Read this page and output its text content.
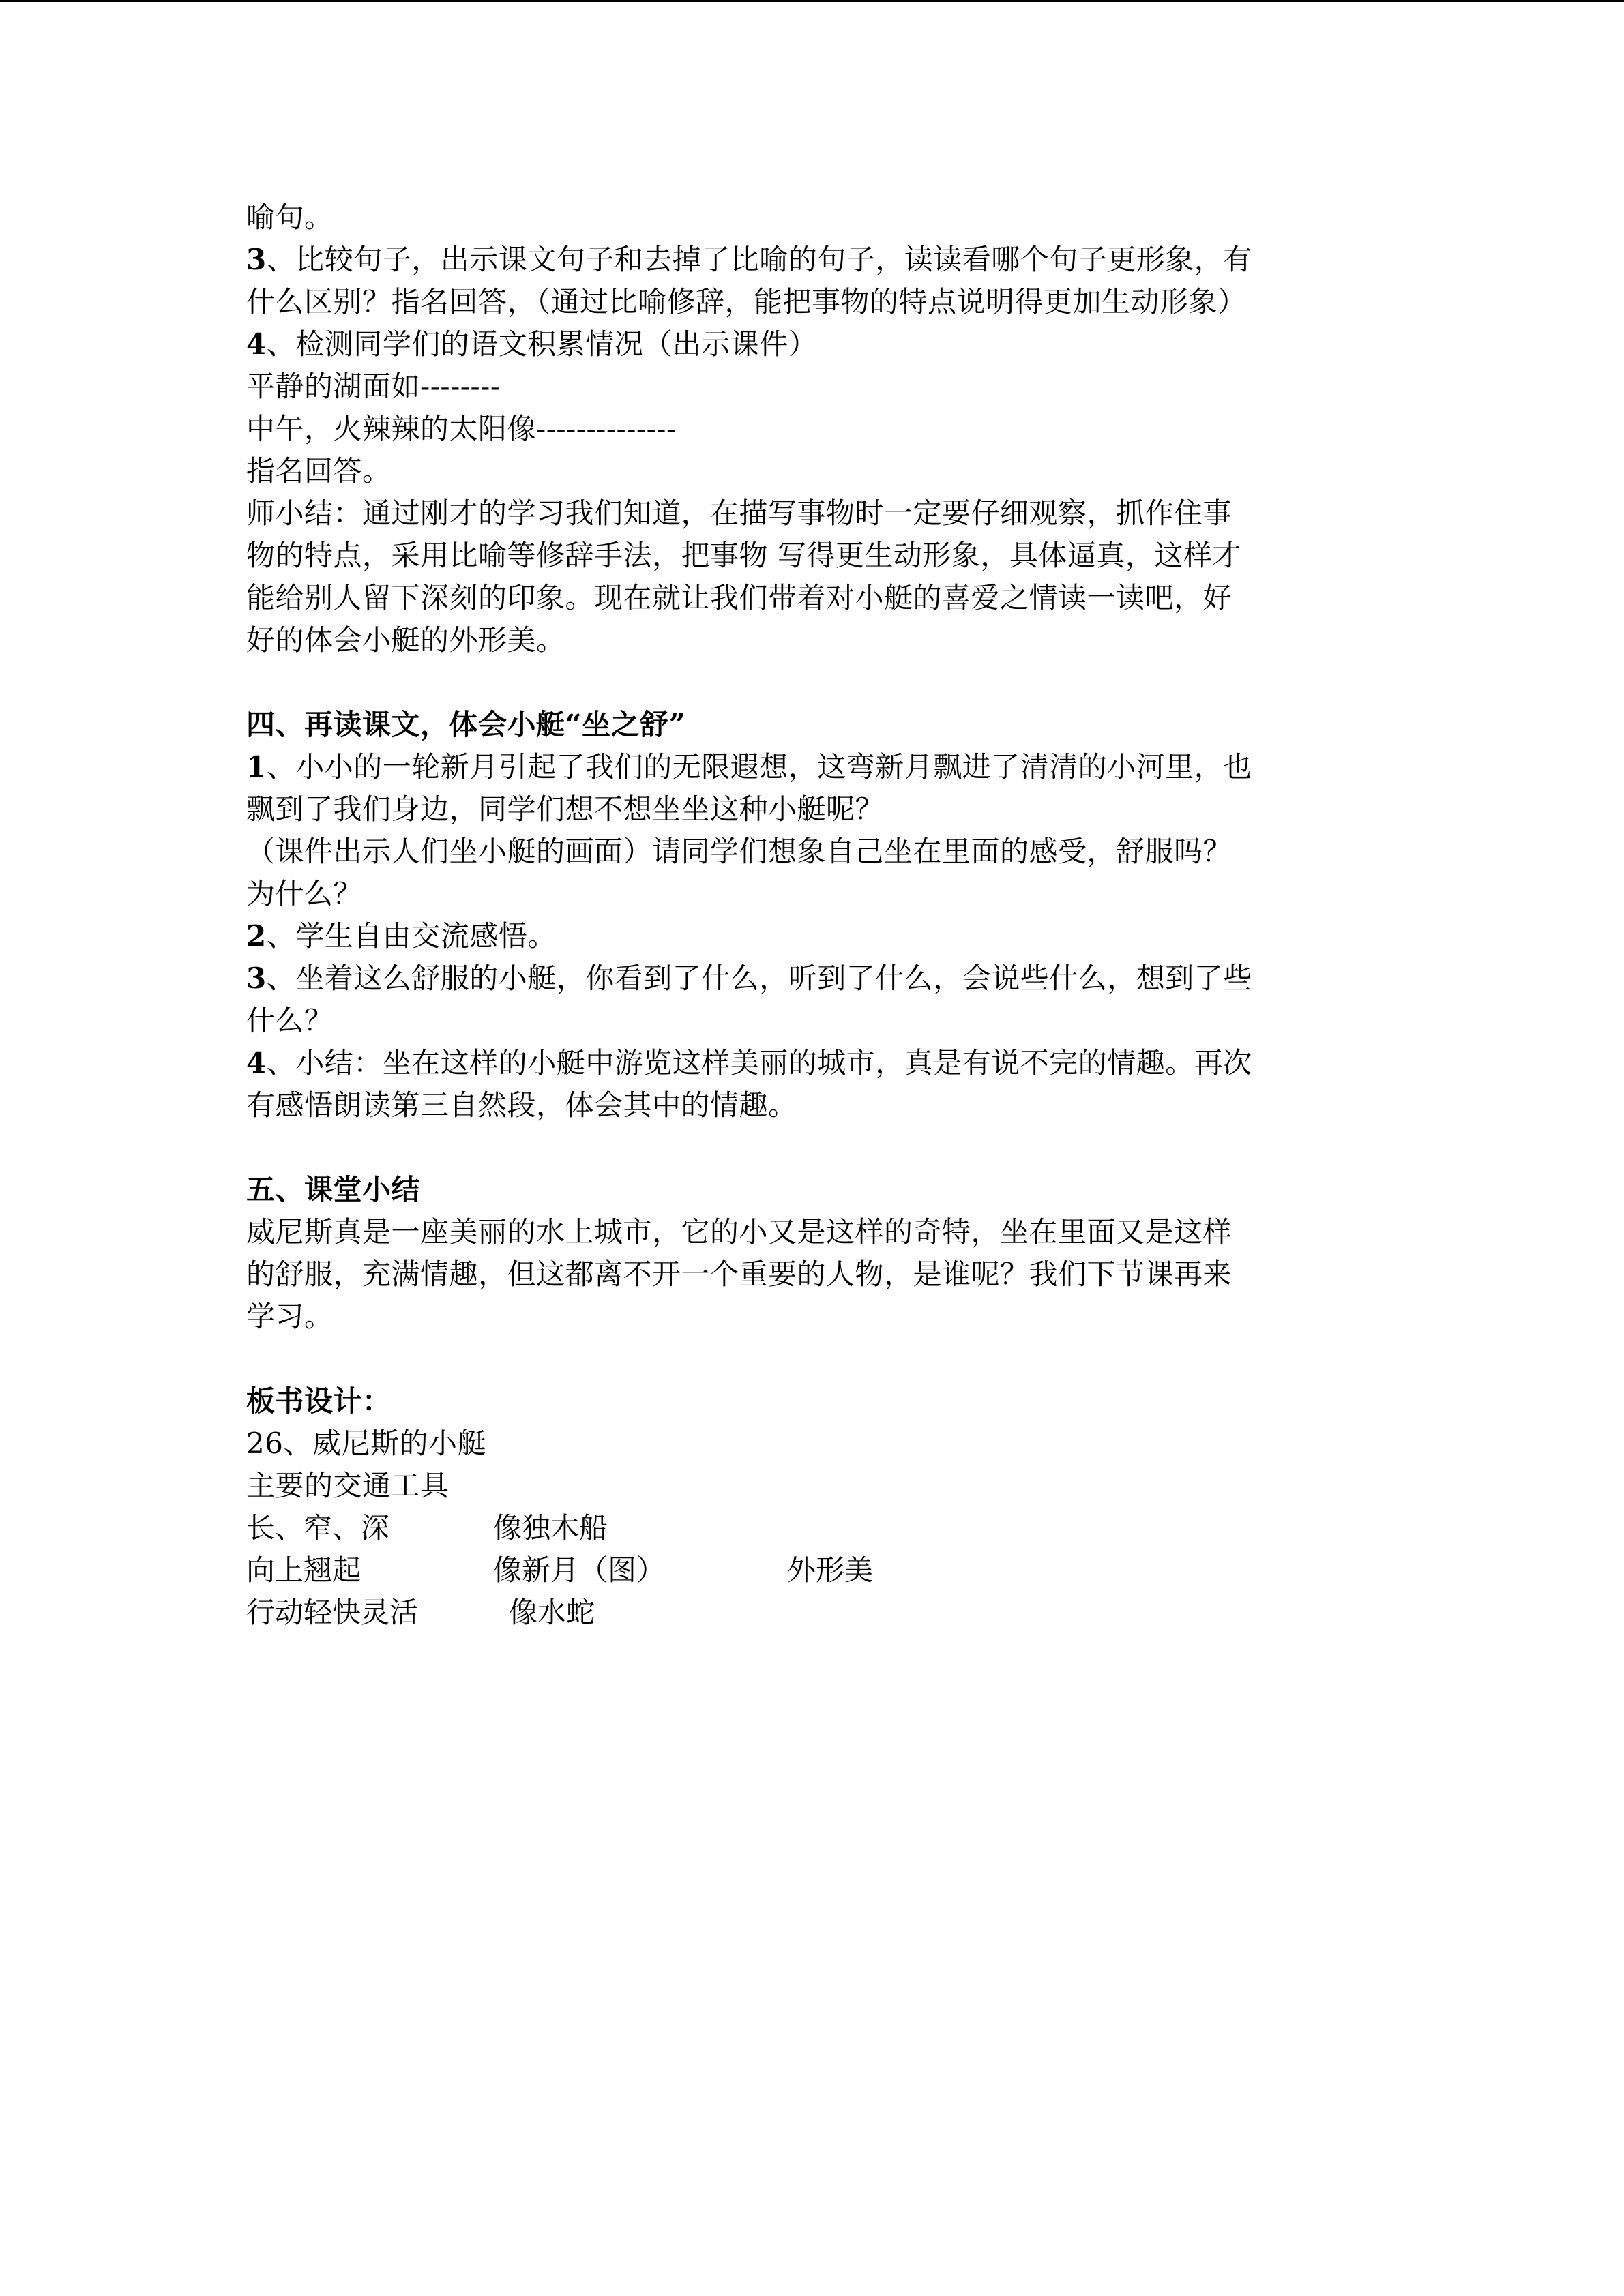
喻句。
3、比较句子，出示课文句子和去掉了比喻的句子，读读看哪个句子更形象，有
什么区别？指名回答，（通过比喻修辞，能把事物的特点说明得更加生动形象）
4、检测同学们的语文积累情况（出示课件）
平静的湖面如--------
中午，火辣辣的太阳像--------------
指名回答。
师小结：通过刚才的学习我们知道，在描写事物时一定要仔细观察，抓作住事
物的特点，采用比喻等修辞手法，把事物 写得更生动形象，具体逼真，这样才
能给别人留下深刻的印象。现在就让我们带着对小艇的喜爱之情读一读吧，好
好的体会小艇的外形美。
四、再读课文，体会小艇“坐之舒”
1、小小的一轮新月引起了我们的无限遐想，这弯新月飘进了清清的小河里，也
飘到了我们身边，同学们想不想坐坐这种小艇呢？
（课件出示人们坐小艇的画面）请同学们想象自己坐在里面的感受，舒服吗？
为什么？
2、学生自由交流感悟。
3、坐着这么舒服的小艇，你看到了什么，听到了什么，会说些什么，想到了些
什么？
4、小结：坐在这样的小艇中游览这样美丽的城市，真是有说不完的情趣。再次
有感悟朗读第三自然段，体会其中的情趣。
五、课堂小结
威尼斯真是一座美丽的水上城市，它的小又是这样的奇特，坐在里面又是这样
的舒服，充满情趣，但这都离不开一个重要的人物，是谁呢？我们下节课再来
学习。
板书设计：
26、威尼斯的小艇
主要的交通工具
长、窄、深	像独木船
向上翘起	像新月（图）	外形美
行动轻快灵活	像水蛇
